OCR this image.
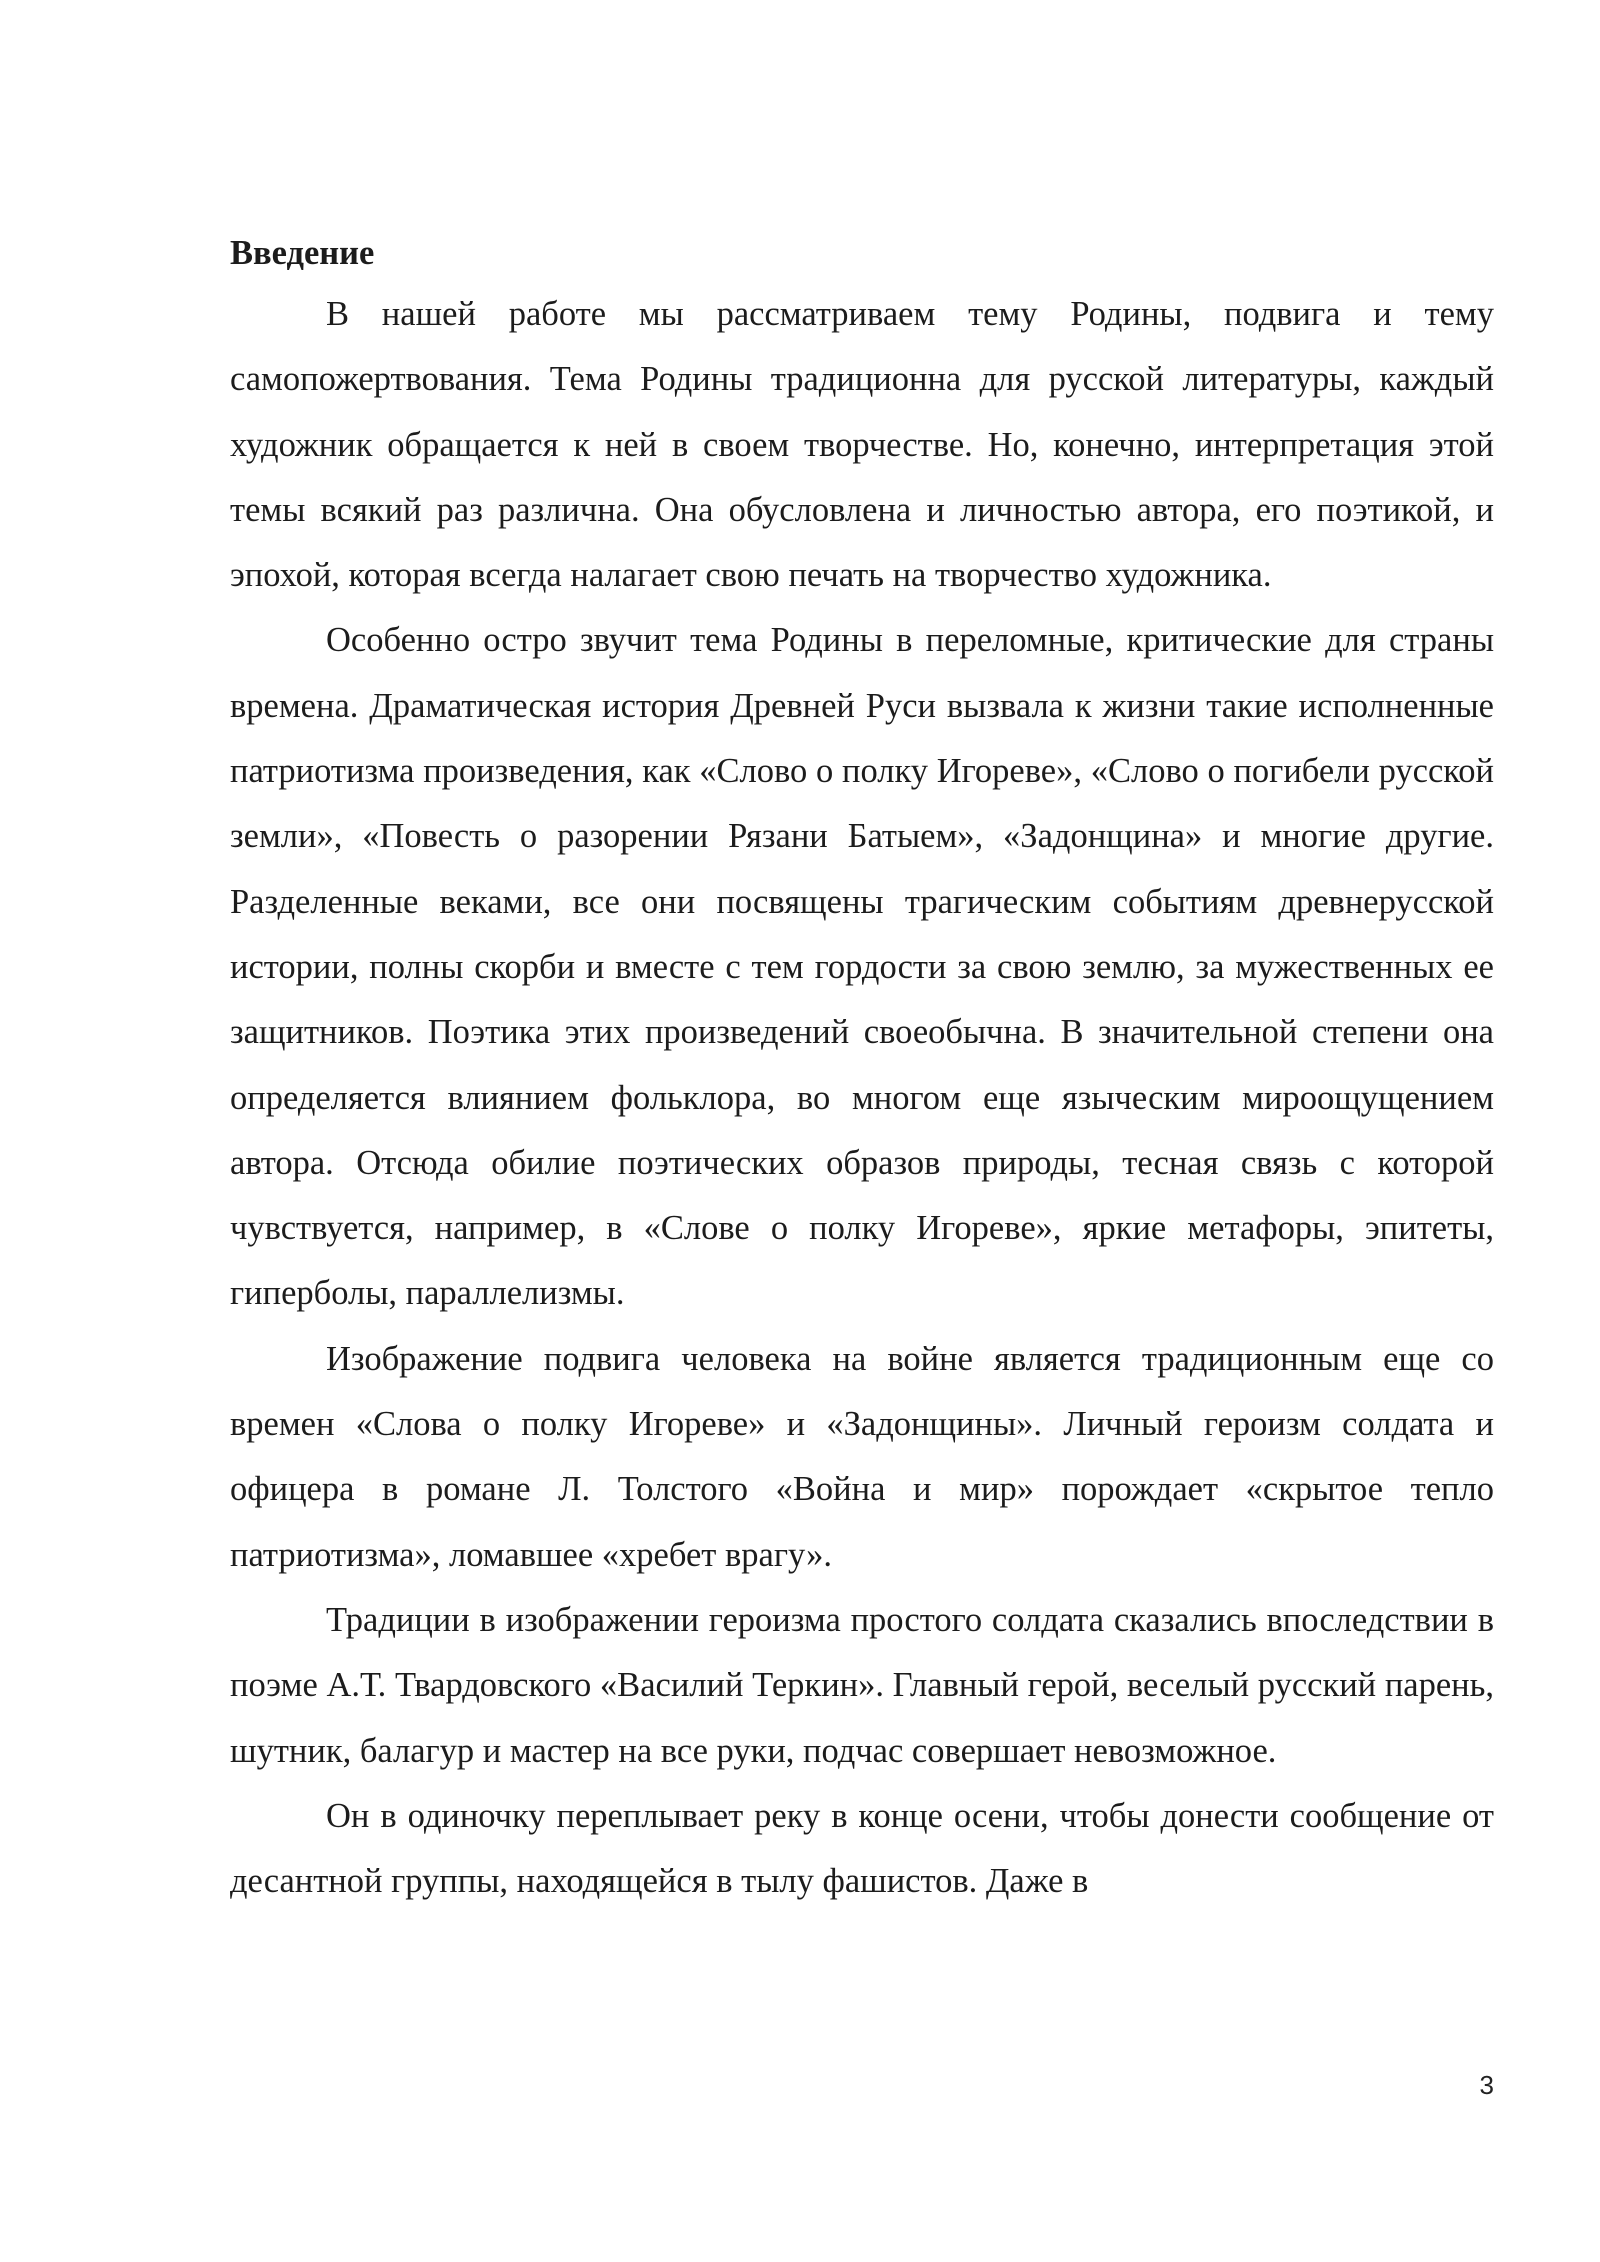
Введение

В нашей работе мы рассматриваем тему Родины, подвига и тему самопожертвования. Тема Родины традиционна для русской литературы, каждый художник обращается к ней в своем творчестве. Но, конечно, интерпретация этой темы всякий раз различна. Она обусловлена и личностью автора, его поэтикой, и эпохой, которая всегда налагает свою печать на творчество художника.

Особенно остро звучит тема Родины в переломные, критические для страны времена. Драматическая история Древней Руси вызвала к жизни такие исполненные патриотизма произведения, как «Слово о полку Игореве», «Слово о погибели русской земли», «Повесть о разорении Рязани Батыем», «Задонщина» и многие другие. Разделенные веками, все они посвящены трагическим событиям древнерусской истории, полны скорби и вместе с тем гордости за свою землю, за мужественных ее защитников. Поэтика этих произведений своеобычна. В значительной степени она определяется влиянием фольклора, во многом еще языческим мироощущением автора. Отсюда обилие поэтических образов природы, тесная связь с которой чувствуется, например, в «Слове о полку Игореве», яркие метафоры, эпитеты, гиперболы, параллелизмы.

Изображение подвига человека на войне является традиционным еще со времен «Слова о полку Игореве» и «Задонщины». Личный героизм солдата и офицера в романе Л. Толстого «Война и мир» порождает «скрытое тепло патриотизма», ломавшее «хребет врагу».

Традиции в изображении героизма простого солдата сказались впоследствии в поэме А.Т. Твардовского «Василий Теркин». Главный герой, веселый русский парень, шутник, балагур и мастер на все руки, подчас совершает невозможное.

Он в одиночку переплывает реку в конце осени, чтобы донести сообщение от десантной группы, находящейся в тылу фашистов. Даже в

3
